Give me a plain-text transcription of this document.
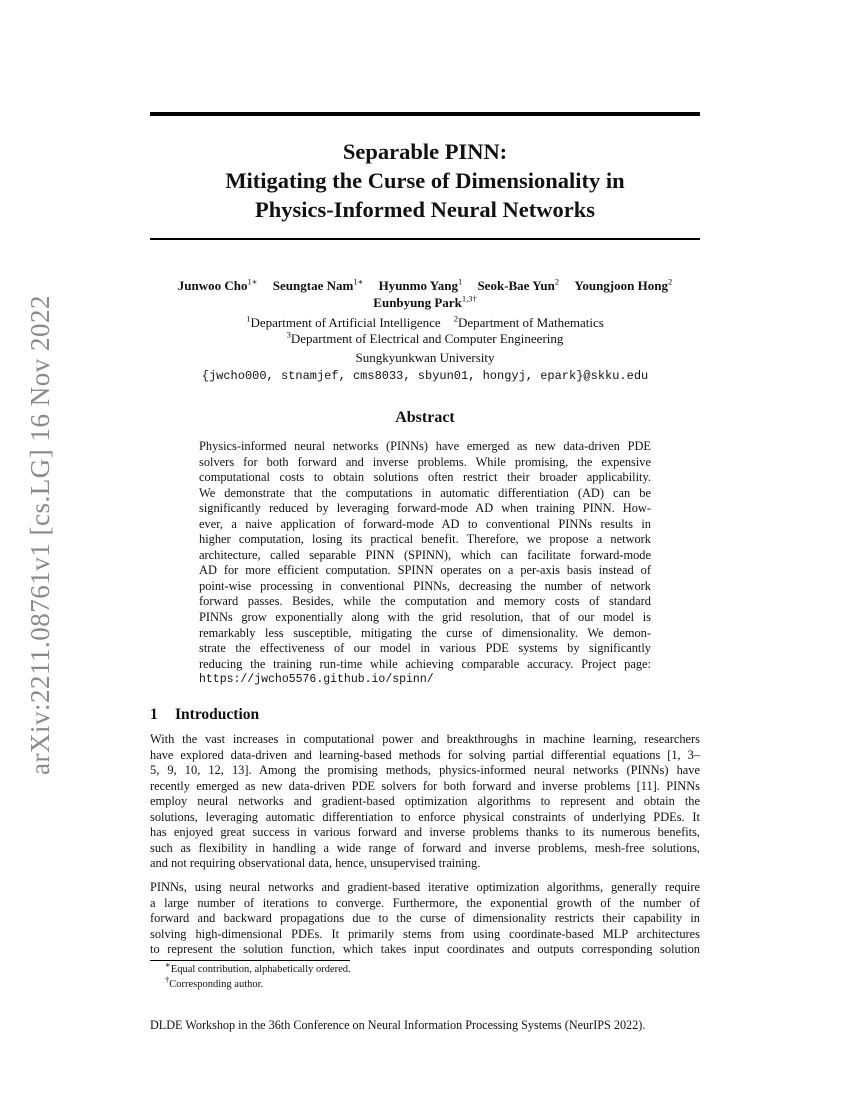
arXiv:2211.08761v1 [cs.LG] 16 Nov 2022
Separable PINN:
Mitigating the Curse of Dimensionality in
Physics-Informed Neural Networks
Junwoo Cho$^{1∗}$ Seungtae Nam$^{1∗}$ Hyunmo Yang$^1$ Seok-Bae Yun$^2$ Youngjoon Hong$^2$
Eunbyung Park$^{1,3\dagger}$
$^1$Department of Artificial Intelligence $^2$Department of Mathematics
$^3$Department of Electrical and Computer Engineering
Sungkyunkwan University
{jwcho000, stnamjef, cms8033, sbyun01, hongyj, epark}@skku.edu
Abstract
Physics-informed neural networks (PINNs) have emerged as new data-driven PDE
solvers for both forward and inverse problems. While promising, the expensive
computational costs to obtain solutions often restrict their broader applicability.
We demonstrate that the computations in automatic differentiation (AD) can be
significantly reduced by leveraging forward-mode AD when training PINN. How-
ever, a naive application of forward-mode AD to conventional PINNs results in
higher computation, losing its practical benefit. Therefore, we propose a network
architecture, called separable PINN (SPINN), which can facilitate forward-mode
AD for more efficient computation. SPINN operates on a per-axis basis instead of
point-wise processing in conventional PINNs, decreasing the number of network
forward passes. Besides, while the computation and memory costs of standard
PINNs grow exponentially along with the grid resolution, that of our model is
remarkably less susceptible, mitigating the curse of dimensionality. We demon-
strate the effectiveness of our model in various PDE systems by significantly
reducing the training run-time while achieving comparable accuracy. Project page:
https://jwcho5576.github.io/spinn/
1 Introduction
With the vast increases in computational power and breakthroughs in machine learning, researchers
have explored data-driven and learning-based methods for solving partial differential equations [1, 3–
5, 9, 10, 12, 13]. Among the promising methods, physics-informed neural networks (PINNs) have
recently emerged as new data-driven PDE solvers for both forward and inverse problems [11]. PINNs
employ neural networks and gradient-based optimization algorithms to represent and obtain the
solutions, leveraging automatic differentiation to enforce physical constraints of underlying PDEs. It
has enjoyed great success in various forward and inverse problems thanks to its numerous benefits,
such as flexibility in handling a wide range of forward and inverse problems, mesh-free solutions,
and not requiring observational data, hence, unsupervised training.
PINNs, using neural networks and gradient-based iterative optimization algorithms, generally require
a large number of iterations to converge. Furthermore, the exponential growth of the number of
forward and backward propagations due to the curse of dimensionality restricts their capability in
solving high-dimensional PDEs. It primarily stems from using coordinate-based MLP architectures
to represent the solution function, which takes input coordinates and outputs corresponding solution
∗Equal contribution, alphabetically ordered.
†Corresponding author.
DLDE Workshop in the 36th Conference on Neural Information Processing Systems (NeurIPS 2022).
